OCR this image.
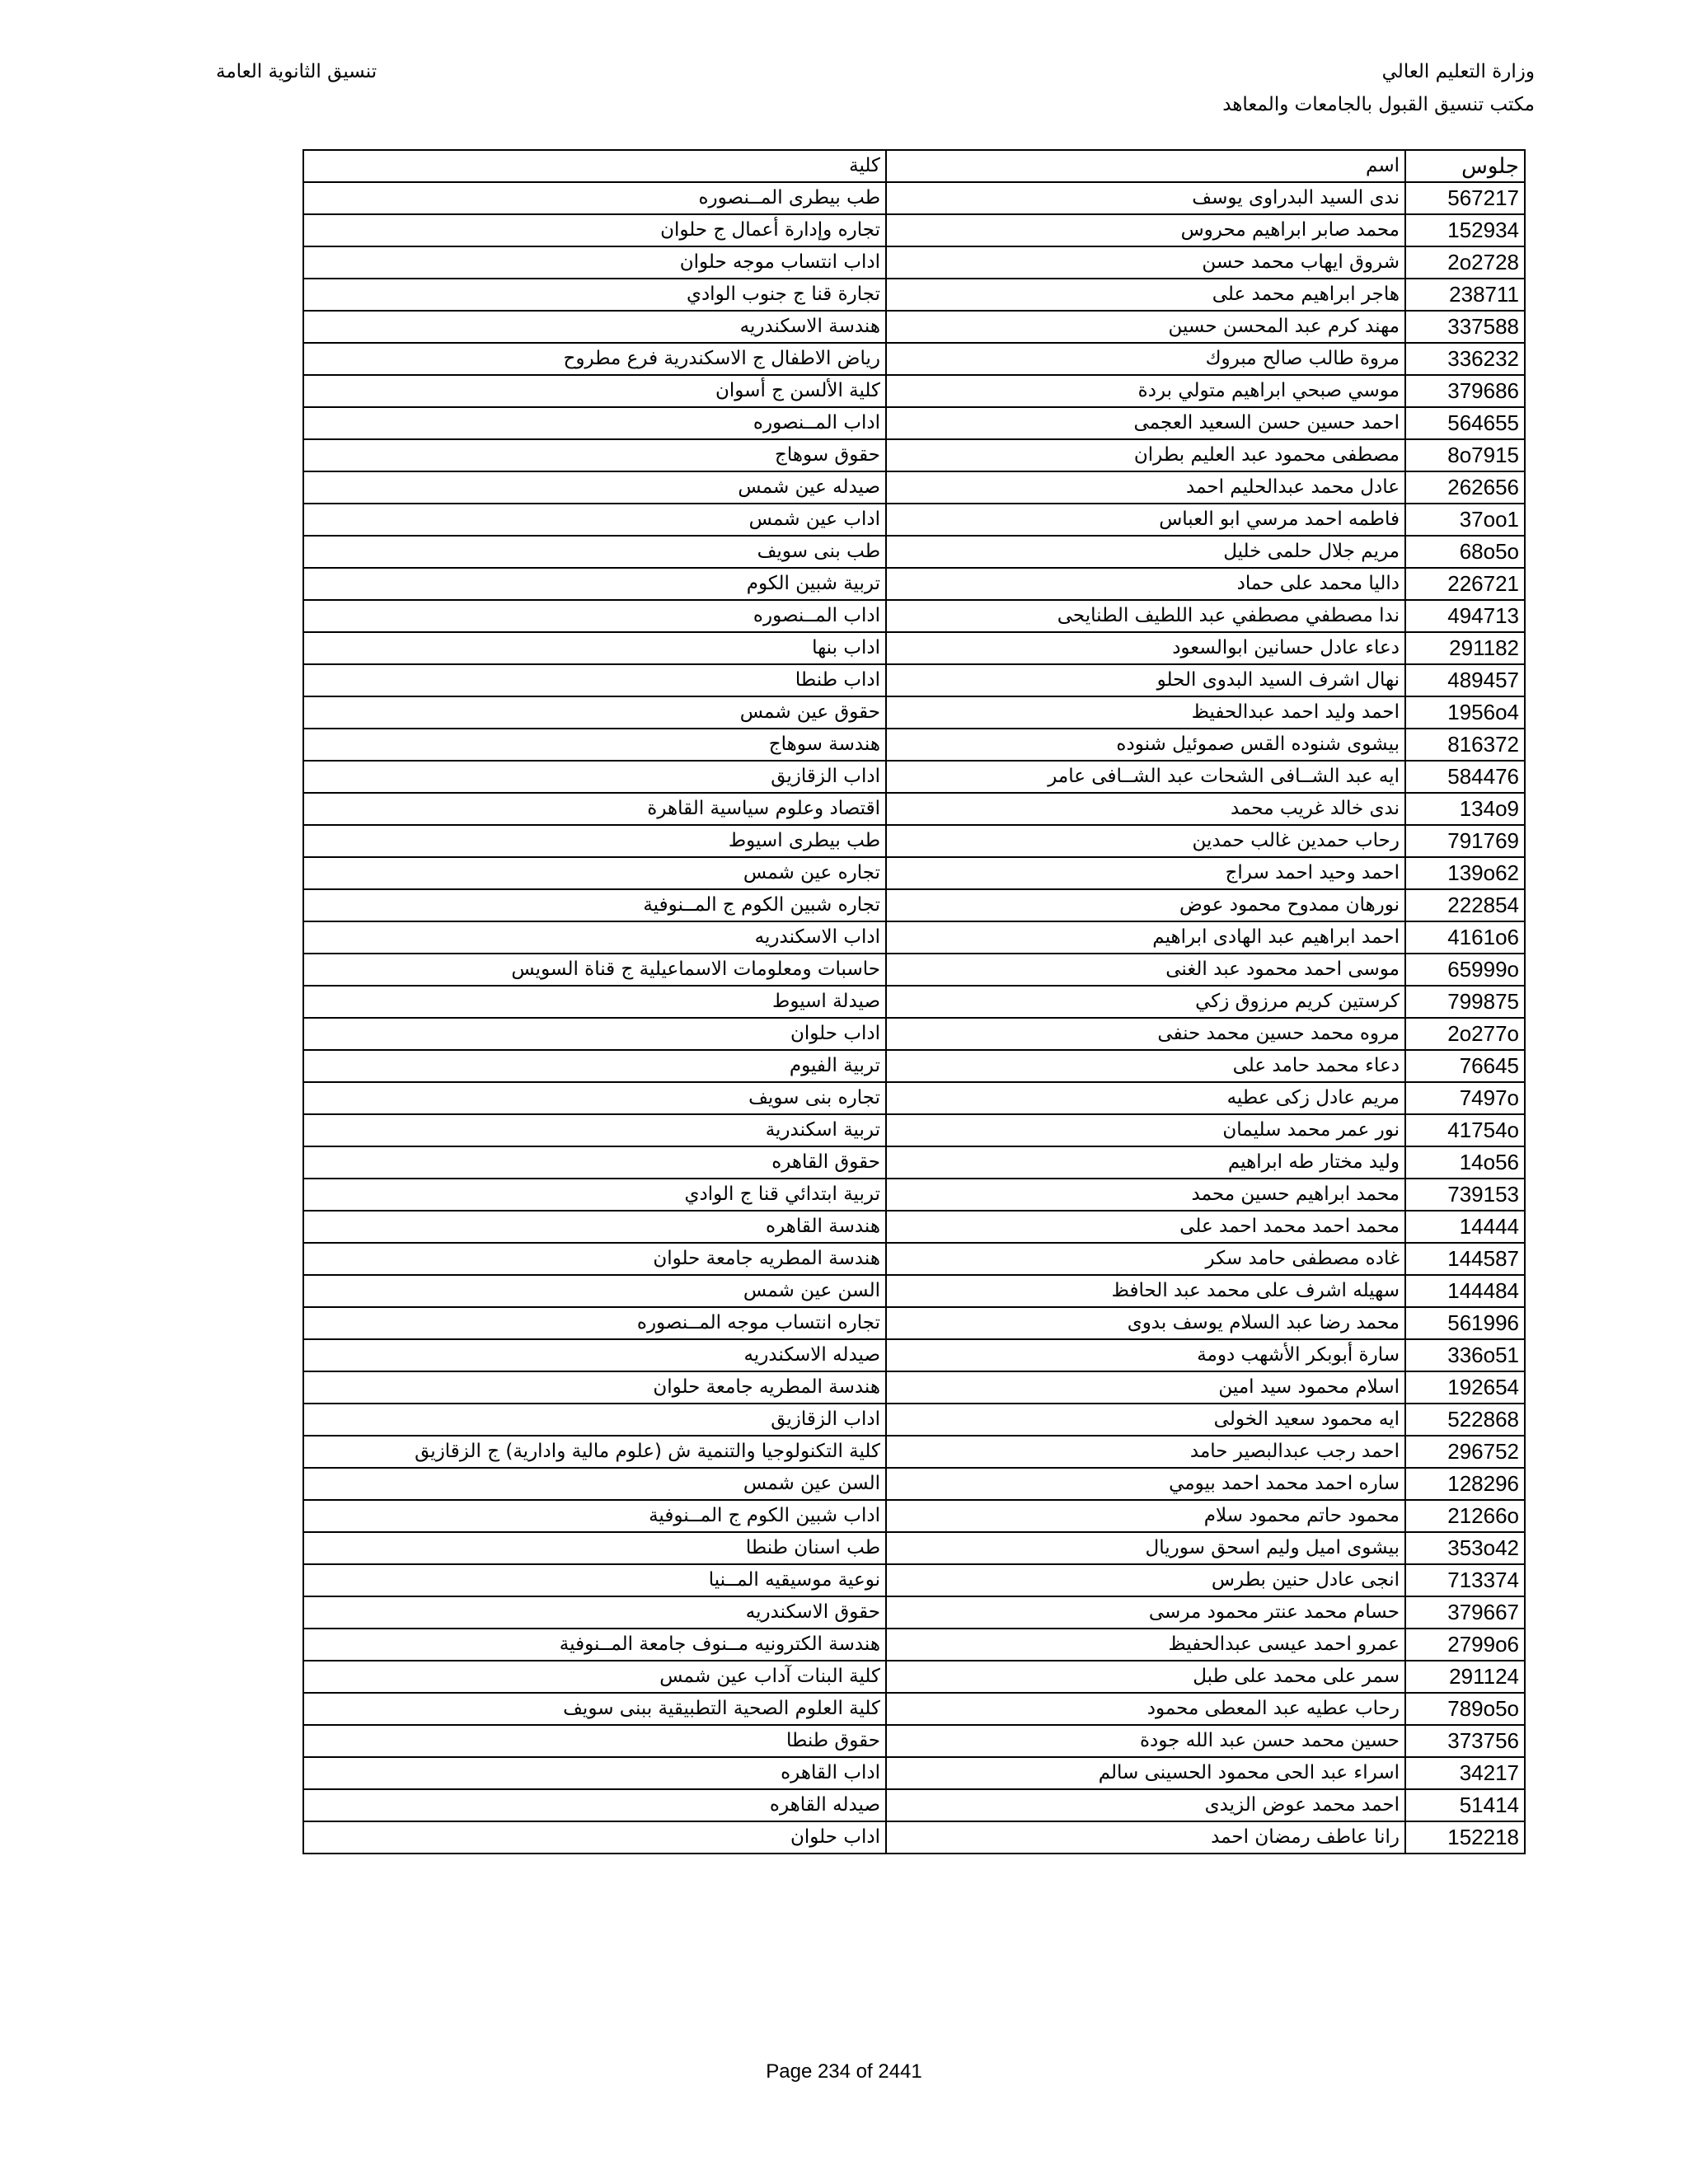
وزارة التعليم العالي
مكتب تنسيق القبول بالجامعات والمعاهد
تنسيق الثانوية العامة
جلوس	اسم	كلية
567217	ندى السيد البدراوى يوسف	طب بيطرى المــنصوره
152934	محمد صابر ابراهيم محروس	تجاره وإدارة أعمال ج حلوان
2o2728	شروق ايهاب محمد حسن	اداب انتساب موجه حلوان
238711	هاجر ابراهيم محمد على	تجارة قنا ج جنوب الوادي
337588	مهند كرم عبد المحسن حسين	هندسة الاسكندريه
336232	مروة طالب صالح مبروك	رياض الاطفال ج الاسكندرية فرع مطروح
379686	موسي صبحي ابراهيم متولي بردة	كلية الألسن ج أسوان
564655	احمد حسين حسن السعيد العجمى	اداب المــنصوره
8o7915	مصطفى محمود عبد العليم بطران	حقوق سوهاج
262656	عادل محمد عبدالحليم احمد	صيدله عين شمس
37oo1	فاطمه احمد مرسي ابو العباس	اداب عين شمس
68o5o	مريم جلال حلمى خليل	طب بنى سويف
226721	داليا محمد على حماد	تربية شبين الكوم
494713	ندا مصطفي مصطفي عبد اللطيف الطنايحى	اداب المــنصوره
291182	دعاء عادل حسانين ابوالسعود	اداب بنها
489457	نهال اشرف السيد البدوى الحلو	اداب طنطا
1956o4	احمد وليد احمد عبدالحفيظ	حقوق عين شمس
816372	بيشوى شنوده القس صموئيل شنوده	هندسة سوهاج
584476	ايه عبد الشــافى الشحات عبد الشــافى عامر	اداب الزقازيق
134o9	ندى خالد غريب محمد	اقتصاد وعلوم سياسية القاهرة
791769	رحاب حمدين غالب حمدين	طب بيطرى اسيوط
139o62	احمد وحيد احمد سراج	تجاره عين شمس
222854	نورهان ممدوح محمود عوض	تجاره شبين الكوم ج المــنوفية
4161o6	احمد ابراهيم عبد الهادى ابراهيم	اداب الاسكندريه
65999o	موسى احمد محمود عبد الغنى	حاسبات ومعلومات الاسماعيلية ج قناة السويس
799875	كرستين كريم مرزوق زكي	صيدلة اسيوط
2o277o	مروه محمد حسين محمد حنفى	اداب حلوان
76645	دعاء محمد حامد على	تربية الفيوم
7497o	مريم عادل زكى عطيه	تجاره بنى سويف
41754o	نور عمر محمد سليمان	تربية اسكندرية
14o56	وليد مختار طه ابراهيم	حقوق القاهره
739153	محمد ابراهيم حسين محمد	تربية ابتدائي قنا ج الوادي
14444	محمد احمد محمد احمد على	هندسة القاهره
144587	غاده مصطفى حامد سكر	هندسة المطريه جامعة حلوان
144484	سهيله اشرف على محمد عبد الحافظ	السن عين شمس
561996	محمد رضا عبد السلام يوسف بدوى	تجاره انتساب موجه المــنصوره
336o51	سارة أبوبكر الأشهب دومة	صيدله الاسكندريه
192654	اسلام محمود سيد امين	هندسة المطريه جامعة حلوان
522868	ايه محمود سعيد الخولى	اداب الزقازيق
296752	احمد رجب عبدالبصير حامد	كلية التكنولوجيا والتنمية ش (علوم مالية وادارية) ج الزقازيق
128296	ساره احمد محمد احمد بيومي	السن عين شمس
21266o	محمود حاتم محمود سلام	اداب شبين الكوم ج المــنوفية
353o42	بيشوى اميل وليم اسحق سوريال	طب اسنان طنطا
713374	انجى عادل حنين بطرس	نوعية موسيقيه المــنيا
379667	حسام محمد عنتر محمود مرسى	حقوق الاسكندريه
2799o6	عمرو احمد عيسى عبدالحفيظ	هندسة الكترونيه مــنوف جامعة المــنوفية
291124	سمر على محمد على طبل	كلية البنات آداب عين شمس
789o5o	رحاب عطيه عبد المعطى محمود	كلية العلوم الصحية التطبيقية ببنى سويف
373756	حسين محمد حسن عبد الله جودة	حقوق طنطا
34217	اسراء عبد الحى محمود الحسينى سالم	اداب القاهره
51414	احمد محمد عوض الزيدى	صيدله القاهره
152218	رانا عاطف رمضان احمد	اداب حلوان
Page 234 of 2441
